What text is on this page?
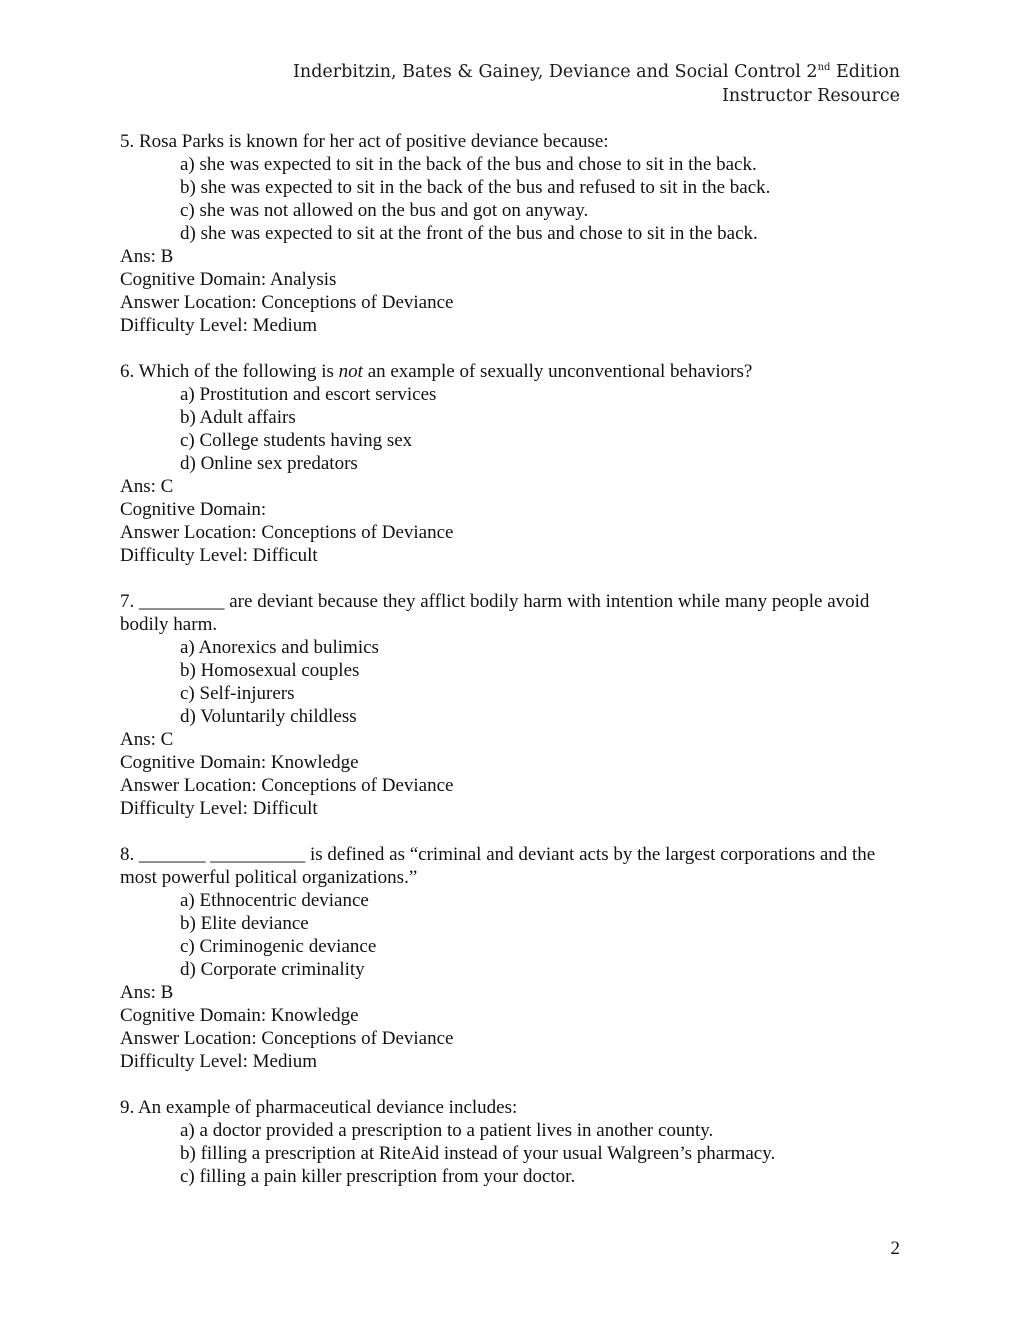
Inderbitzin, Bates & Gainey, Deviance and Social Control 2nd Edition
Instructor Resource
5. Rosa Parks is known for her act of positive deviance because:
a) she was expected to sit in the back of the bus and chose to sit in the back.
b) she was expected to sit in the back of the bus and refused to sit in the back.
c) she was not allowed on the bus and got on anyway.
d) she was expected to sit at the front of the bus and chose to sit in the back.
Ans: B
Cognitive Domain: Analysis
Answer Location: Conceptions of Deviance
Difficulty Level: Medium
6. Which of the following is not an example of sexually unconventional behaviors?
a) Prostitution and escort services
b) Adult affairs
c) College students having sex
d) Online sex predators
Ans: C
Cognitive Domain:
Answer Location: Conceptions of Deviance
Difficulty Level: Difficult
7. _________ are deviant because they afflict bodily harm with intention while many people avoid bodily harm.
a) Anorexics and bulimics
b) Homosexual couples
c) Self-injurers
d) Voluntarily childless
Ans: C
Cognitive Domain: Knowledge
Answer Location: Conceptions of Deviance
Difficulty Level: Difficult
8. _______ __________ is defined as “criminal and deviant acts by the largest corporations and the most powerful political organizations.”
a) Ethnocentric deviance
b) Elite deviance
c) Criminogenic deviance
d) Corporate criminality
Ans: B
Cognitive Domain: Knowledge
Answer Location: Conceptions of Deviance
Difficulty Level: Medium
9. An example of pharmaceutical deviance includes:
a) a doctor provided a prescription to a patient lives in another county.
b) filling a prescription at RiteAid instead of your usual Walgreen’s pharmacy.
c) filling a pain killer prescription from your doctor.
2
